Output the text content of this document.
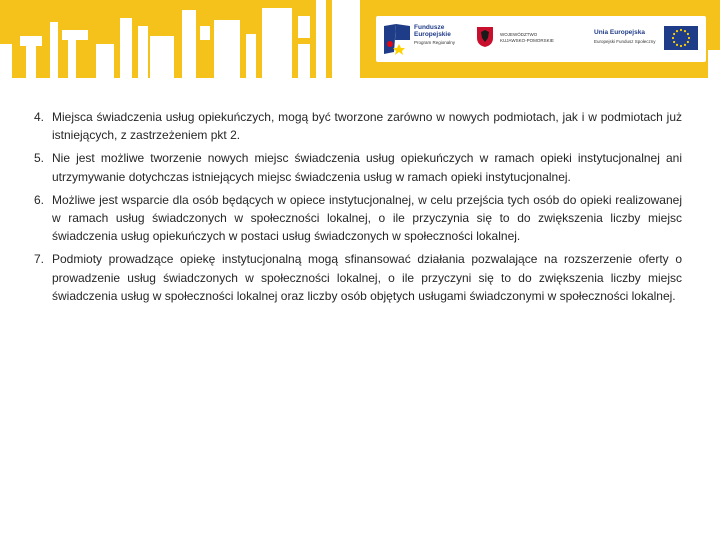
Fundusze
Europejskie
Program Regionalny
WOJEWÓDZTWO
KUJAWSKO-POMORSKIE
Unia Europejska
Europejski Fundusz Społeczny
4. Miejsca świadczenia usług opiekuńczych, mogą być tworzone zarówno w nowych podmiotach, jak i w podmiotach już istniejących, z zastrzeżeniem pkt 2.
5. Nie jest możliwe tworzenie nowych miejsc świadczenia usług opiekuńczych w ramach opieki instytucjonalnej ani utrzymywanie dotychczas istniejących miejsc świadczenia usług w ramach opieki instytucjonalnej.
6. Możliwe jest wsparcie dla osób będących w opiece instytucjonalnej, w celu przejścia tych osób do opieki realizowanej w ramach usług świadczonych w społeczności lokalnej, o ile przyczynia się to do zwiększenia liczby miejsc świadczenia usług opiekuńczych w postaci usług świadczonych w społeczności lokalnej.
7. Podmioty prowadzące opiekę instytucjonalną mogą sfinansować działania pozwalające na rozszerzenie oferty o prowadzenie usług świadczonych w społeczności lokalnej, o ile przyczyni się to do zwiększenia liczby miejsc świadczenia usług w społeczności lokalnej oraz liczby osób objętych usługami świadczonymi w społeczności lokalnej.
